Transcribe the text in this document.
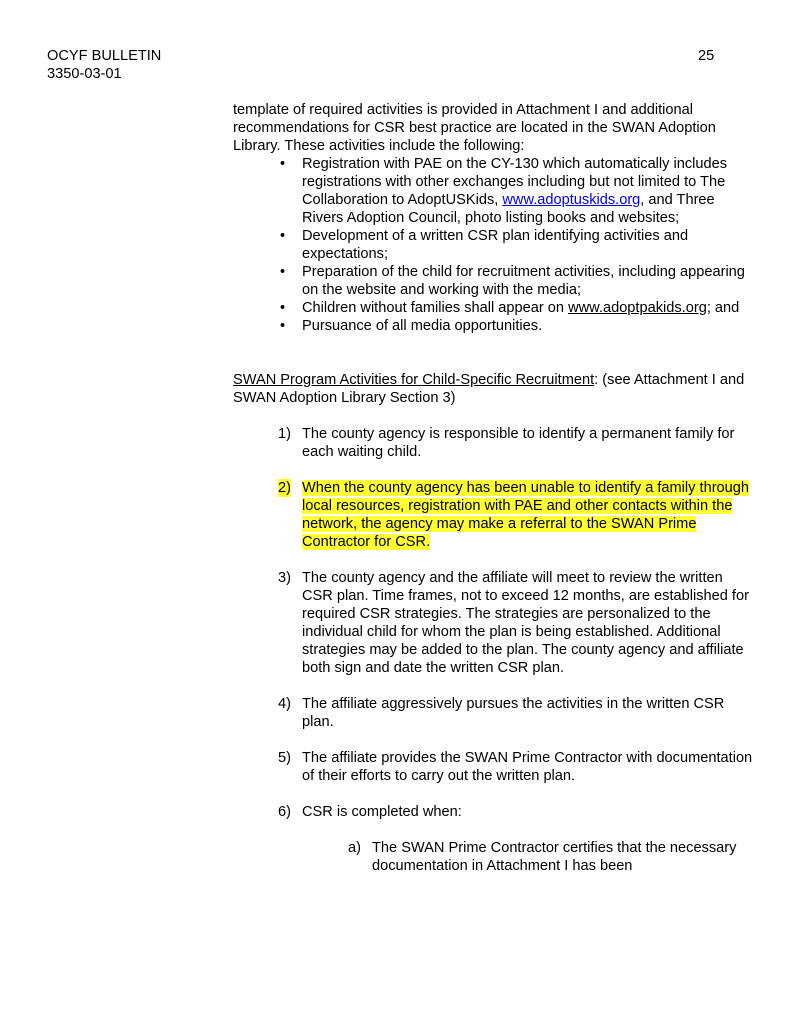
OCYF BULLETIN
3350-03-01
25

template of required activities is provided in Attachment I and additional recommendations for CSR best practice are located in the SWAN Adoption Library. These activities include the following:

• Registration with PAE on the CY-130 which automatically includes registrations with other exchanges including but not limited to The Collaboration to AdoptUSKids, www.adoptuskids.org, and Three Rivers Adoption Council, photo listing books and websites;
• Development of a written CSR plan identifying activities and expectations;
• Preparation of the child for recruitment activities, including appearing on the website and working with the media;
• Children without families shall appear on www.adoptpakids.org; and
• Pursuance of all media opportunities.

SWAN Program Activities for Child-Specific Recruitment: (see Attachment I and SWAN Adoption Library Section 3)

1) The county agency is responsible to identify a permanent family for each waiting child.
2) When the county agency has been unable to identify a family through local resources, registration with PAE and other contacts within the network, the agency may make a referral to the SWAN Prime Contractor for CSR.
3) The county agency and the affiliate will meet to review the written CSR plan. Time frames, not to exceed 12 months, are established for required CSR strategies. The strategies are personalized to the individual child for whom the plan is being established. Additional strategies may be added to the plan. The county agency and affiliate both sign and date the written CSR plan.
4) The affiliate aggressively pursues the activities in the written CSR plan.
5) The affiliate provides the SWAN Prime Contractor with documentation of their efforts to carry out the written plan.
6) CSR is completed when:
a) The SWAN Prime Contractor certifies that the necessary documentation in Attachment I has been
